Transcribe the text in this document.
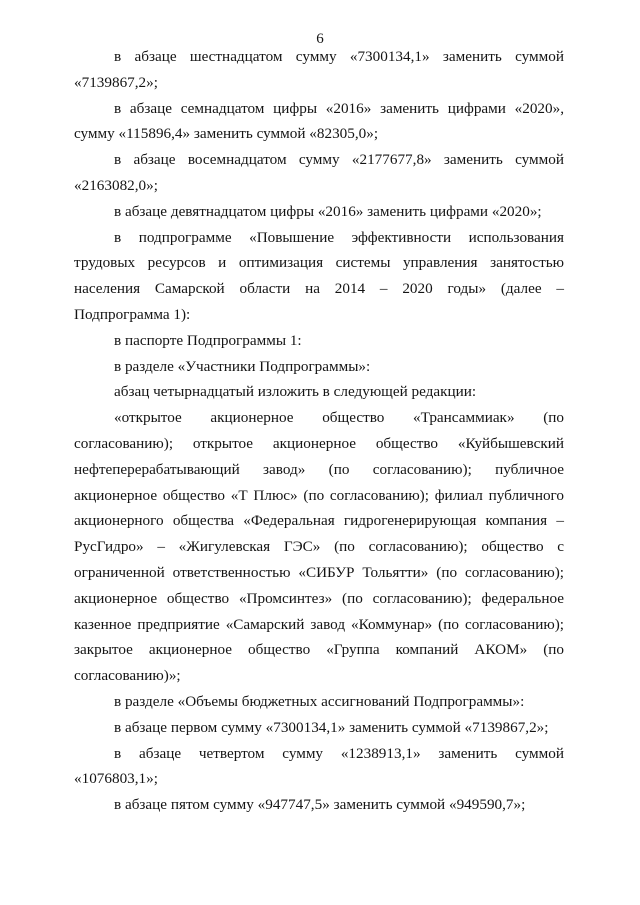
6

в абзаце шестнадцатом сумму «7300134,1» заменить суммой «7139867,2»;

в абзаце семнадцатом цифры «2016» заменить цифрами «2020», сумму «115896,4» заменить суммой «82305,0»;

в абзаце восемнадцатом сумму «2177677,8» заменить суммой «2163082,0»;

в абзаце девятнадцатом цифры «2016» заменить цифрами «2020»;

в подпрограмме «Повышение эффективности использования трудовых ресурсов и оптимизация системы управления занятостью населения Самарской области на 2014 – 2020 годы» (далее – Подпрограмма 1):

в паспорте Подпрограммы 1:

в разделе «Участники Подпрограммы»:

абзац четырнадцатый изложить в следующей редакции:

«открытое акционерное общество «Трансаммиак» (по согласованию); открытое акционерное общество «Куйбышевский нефтеперерабатывающий завод» (по согласованию); публичное акционерное общество «Т Плюс» (по согласованию); филиал публичного акционерного общества «Федеральная гидрогенерирующая компания – РусГидро» – «Жигулевская ГЭС» (по согласованию); общество с ограниченной ответственностью «СИБУР Тольятти» (по согласованию); акционерное общество «Промсинтез» (по согласованию); федеральное казенное предприятие «Самарский завод «Коммунар» (по согласованию); закрытое акционерное общество «Группа компаний АКОМ» (по согласованию)»;

в разделе «Объемы бюджетных ассигнований Подпрограммы»:

в абзаце первом сумму «7300134,1» заменить суммой «7139867,2»;

в абзаце четвертом сумму «1238913,1» заменить суммой «1076803,1»;

в абзаце пятом сумму «947747,5» заменить суммой «949590,7»;
